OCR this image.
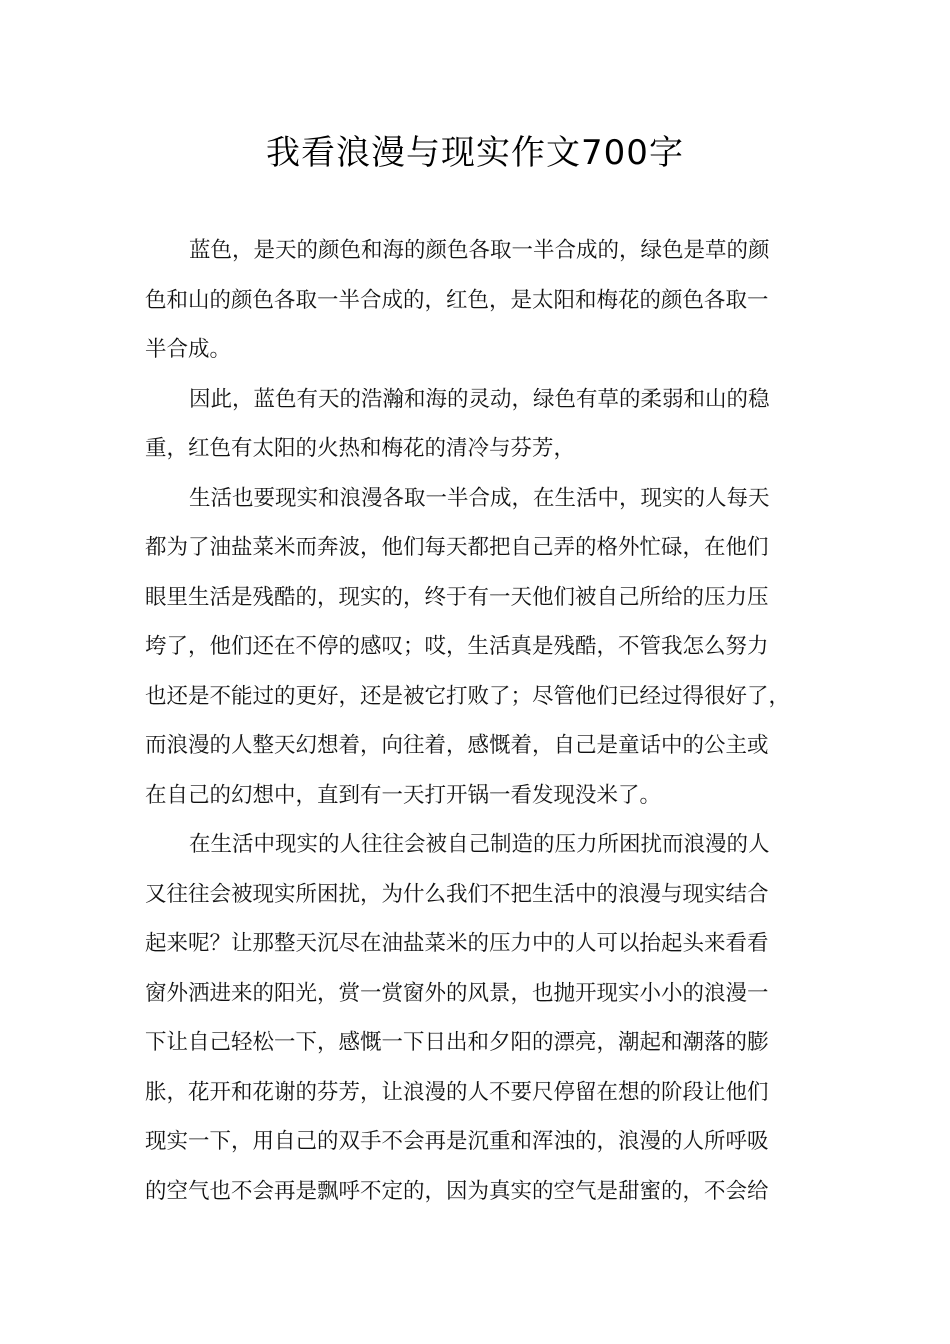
我看浪漫与现实作文700字
蓝色，是天的颜色和海的颜色各取一半合成的，绿色是草的颜
色和山的颜色各取一半合成的，红色，是太阳和梅花的颜色各取一
半合成。
因此，蓝色有天的浩瀚和海的灵动，绿色有草的柔弱和山的稳
重，红色有太阳的火热和梅花的清冷与芬芳，
生活也要现实和浪漫各取一半合成，在生活中，现实的人每天
都为了油盐菜米而奔波，他们每天都把自己弄的格外忙碌，在他们
眼里生活是残酷的，现实的，终于有一天他们被自己所给的压力压
垮了，他们还在不停的感叹；哎，生活真是残酷，不管我怎么努力
也还是不能过的更好，还是被它打败了；尽管他们已经过得很好了，
而浪漫的人整天幻想着，向往着，感慨着，自己是童话中的公主或
在自己的幻想中，直到有一天打开锅一看发现没米了。
在生活中现实的人往往会被自己制造的压力所困扰而浪漫的人
又往往会被现实所困扰，为什么我们不把生活中的浪漫与现实结合
起来呢？让那整天沉尽在油盐菜米的压力中的人可以抬起头来看看
窗外洒进来的阳光，赏一赏窗外的风景，也抛开现实小小的浪漫一
下让自己轻松一下，感慨一下日出和夕阳的漂亮，潮起和潮落的膨
胀，花开和花谢的芬芳，让浪漫的人不要尺停留在想的阶段让他们
现实一下，用自己的双手不会再是沉重和浑浊的，浪漫的人所呼吸
的空气也不会再是飘呼不定的，因为真实的空气是甜蜜的，不会给
